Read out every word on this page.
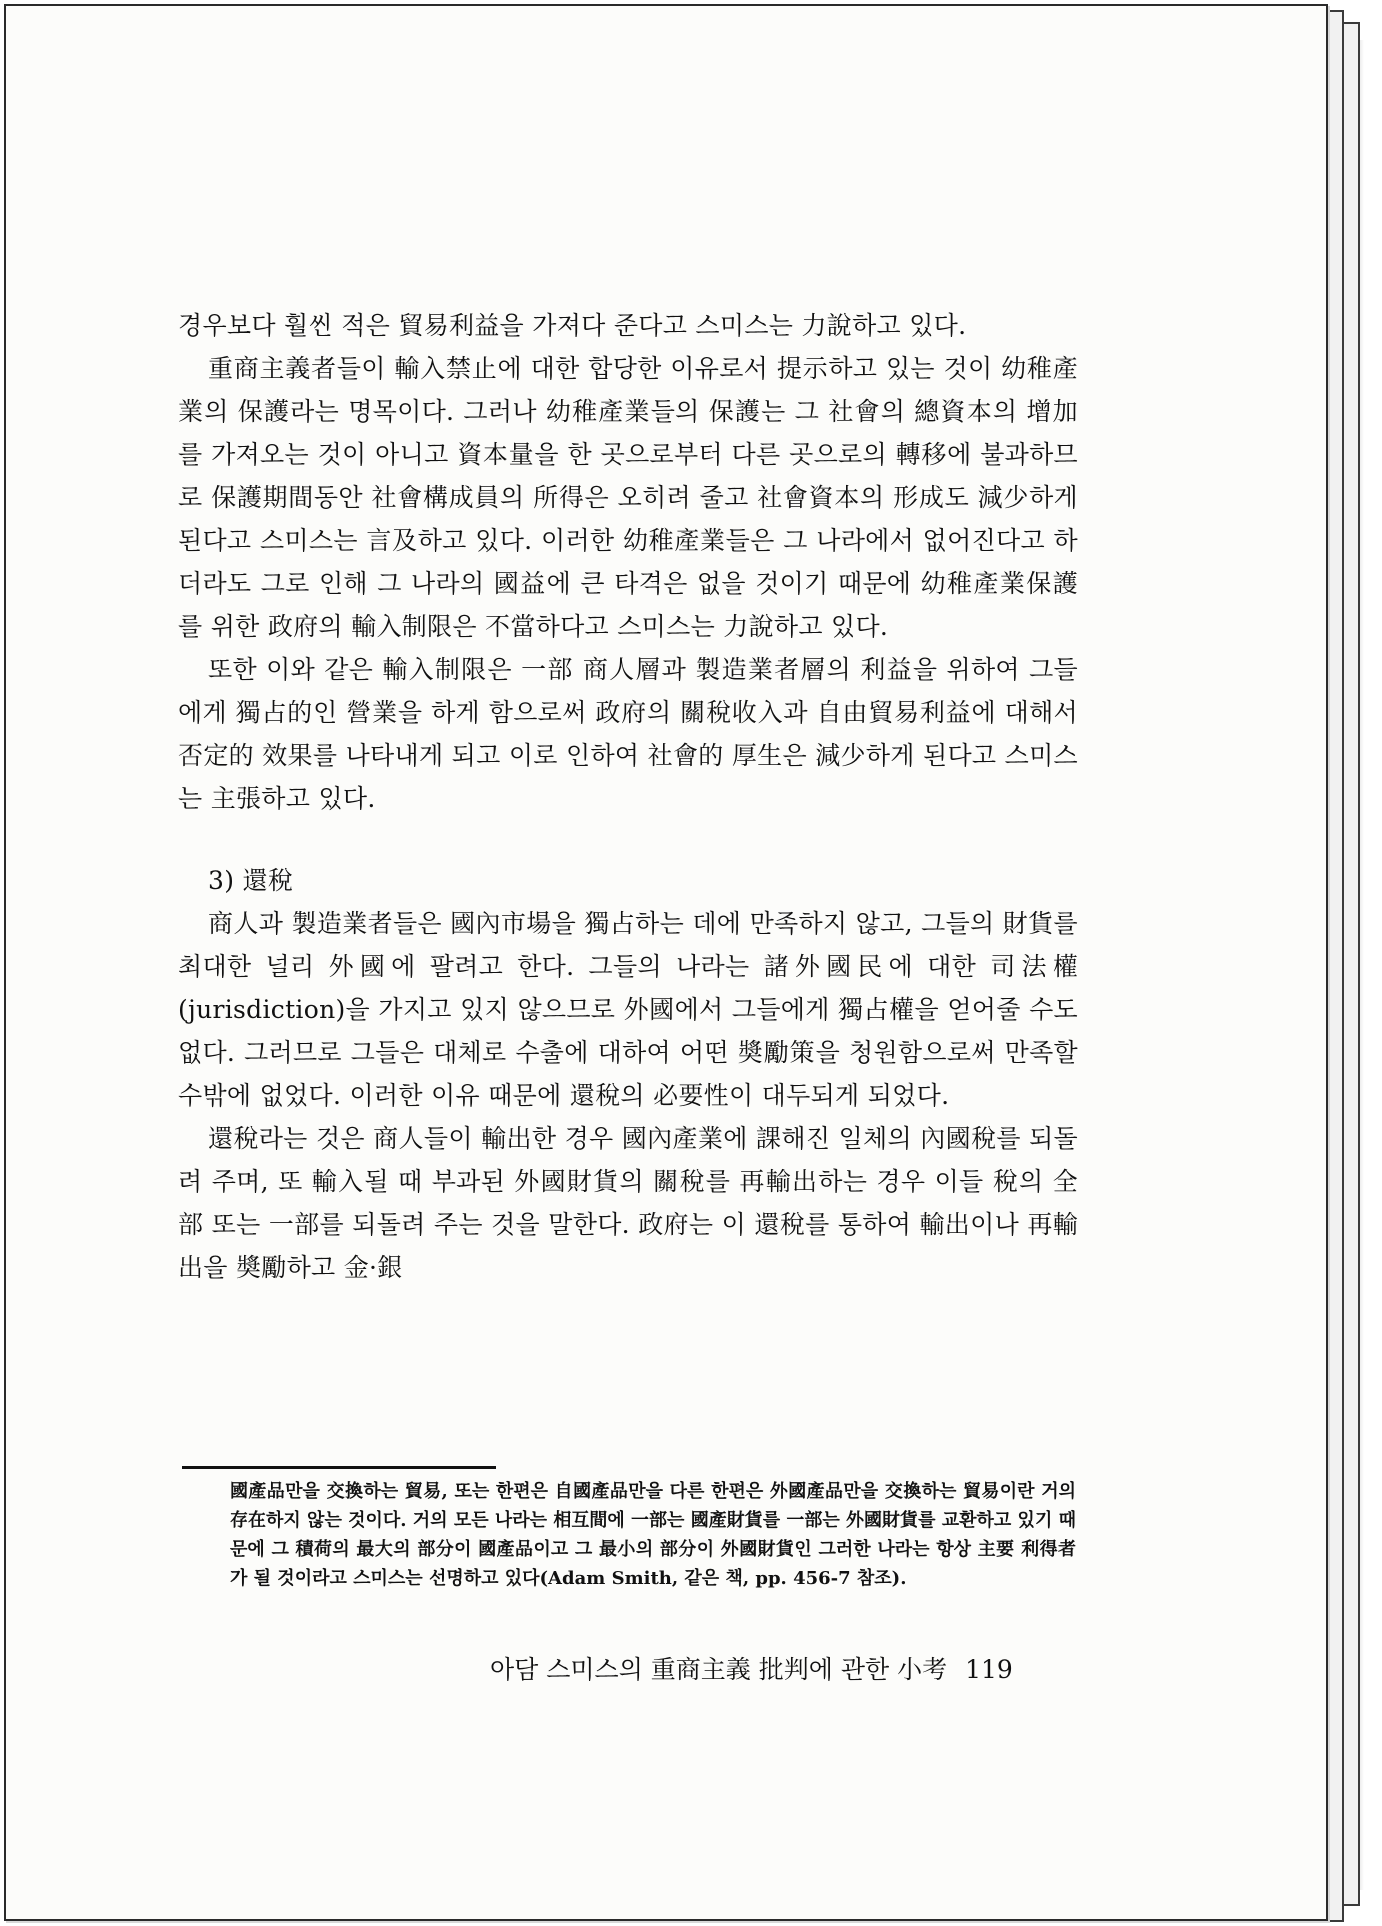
경우보다 훨씬 적은 貿易利益을 가져다 준다고 스미스는 力說하고 있다.

重商主義者들이 輸入禁止에 대한 합당한 이유로서 提示하고 있는 것이 幼稚產業의 保護라는 명목이다. 그러나 幼稚產業들의 保護는 그 社會의 總資本의 增加를 가져오는 것이 아니고 資本量을 한 곳으로부터 다른 곳으로의 轉移에 불과하므로 保護期間동안 社會構成員의 所得은 오히려 줄고 社會資本의 形成도 減少하게 된다고 스미스는 言及하고 있다. 이러한 幼稚產業들은 그 나라에서 없어진다고 하더라도 그로 인해 그 나라의 國益에 큰 타격은 없을 것이기 때문에 幼稚產業保護를 위한 政府의 輸入制限은 不當하다고 스미스는 力說하고 있다.

또한 이와 같은 輸入制限은 一部 商人層과 製造業者層의 利益을 위하여 그들에게 獨占的인 營業을 하게 함으로써 政府의 關稅收入과 自由貿易利益에 대해서 否定的 效果를 나타내게 되고 이로 인하여 社會的 厚生은 減少하게 된다고 스미스는 主張하고 있다.

3) 還稅

商人과 製造業者들은 國內市場을 獨占하는 데에 만족하지 않고, 그들의 財貨를 최대한 널리 外國에 팔려고 한다. 그들의 나라는 諸外國民에 대한 司法權(jurisdiction)을 가지고 있지 않으므로 外國에서 그들에게 獨占權을 얻어줄 수도 없다. 그러므로 그들은 대체로 수출에 대하여 어떤 奬勵策을 청원함으로써 만족할 수밖에 없었다. 이러한 이유 때문에 還稅의 必要性이 대두되게 되었다.

還稅라는 것은 商人들이 輸出한 경우 國內產業에 課해진 일체의 內國稅를 되돌려 주며, 또 輸入될 때 부과된 外國財貨의 關稅를 再輸出하는 경우 이들 稅의 全部 또는 一部를 되돌려 주는 것을 말한다. 政府는 이 還稅를 통하여 輸出이나 再輸出을 奬勵하고 金·銀

國產品만을 交換하는 貿易, 또는 한편은 自國產品만을 다른 한편은 外國產品만을 交換하는 貿易이란 거의 存在하지 않는 것이다. 거의 모든 나라는 相互間에 一部는 國產財貨를 一部는 外國財貨를 교환하고 있기 때문에 그 積荷의 最大의 部分이 國產品이고 그 最小의 部分이 外國財貨인 그러한 나라는 항상 主要 利得者가 될 것이라고 스미스는 선명하고 있다(Adam Smith, 같은 책, pp. 456-7 참조).

아담 스미스의 重商主義 批判에 관한 小考 119
